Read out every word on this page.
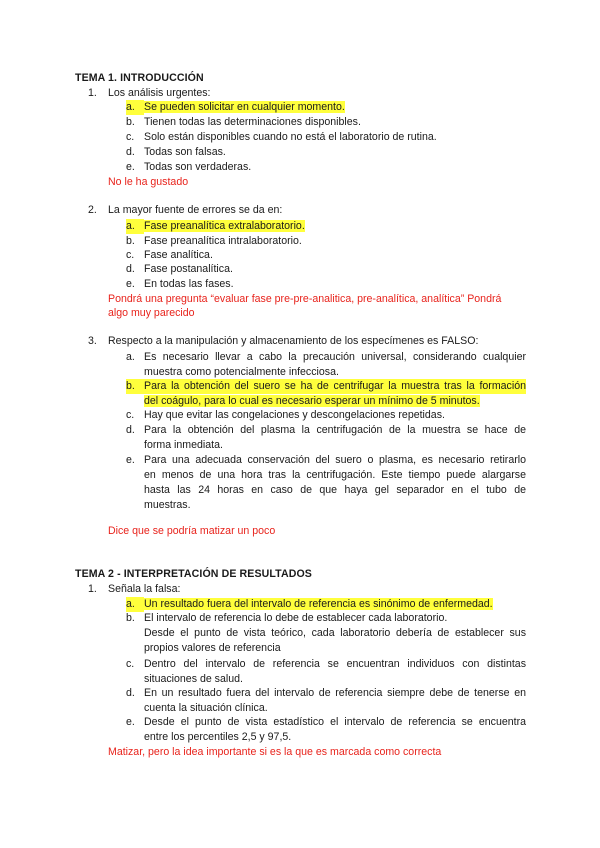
TEMA 1. INTRODUCCIÓN
1.	Los análisis urgentes:
a. Se pueden solicitar en cualquier momento.
b. Tienen todas las determinaciones disponibles.
c. Solo están disponibles cuando no está el laboratorio de rutina.
d. Todas son falsas.
e. Todas son verdaderas.
No le ha gustado
2.	La mayor fuente de errores se da en:
a. Fase preanalítica extralaboratorio.
b. Fase preanalítica intralaboratorio.
c. Fase analítica.
d. Fase postanalítica.
e. En todas las fases.
Pondrá una pregunta “evaluar fase pre-pre-analitica, pre-analítica, analítica” Pondrá
algo muy parecido
3.	Respecto a la manipulación y almacenamiento de los especímenes es FALSO:
a. Es necesario llevar a cabo la precaución universal, considerando cualquier
muestra como potencialmente infecciosa.
b. Para la obtención del suero se ha de centrifugar la muestra tras la formación
del coágulo, para lo cual es necesario esperar un mínimo de 5 minutos.
c. Hay que evitar las congelaciones y descongelaciones repetidas.
d. Para la obtención del plasma la centrifugación de la muestra se hace de
forma inmediata.
e. Para una adecuada conservación del suero o plasma, es necesario retirarlo
en menos de una hora tras la centrifugación. Este tiempo puede alargarse
hasta las 24 horas en caso de que haya gel separador en el tubo de
muestras.
Dice que se podría matizar un poco
TEMA 2 - INTERPRETACIÓN DE RESULTADOS
1.	Señala la falsa:
a. Un resultado fuera del intervalo de referencia es sinónimo de enfermedad.
b. El intervalo de referencia lo debe de establecer cada laboratorio.
Desde el punto de vista teórico, cada laboratorio debería de establecer sus
propios valores de referencia
c. Dentro del intervalo de referencia se encuentran individuos con distintas
situaciones de salud.
d. En un resultado fuera del intervalo de referencia siempre debe de tenerse en
cuenta la situación clínica.
e. Desde el punto de vista estadístico el intervalo de referencia se encuentra
entre los percentiles 2,5 y 97,5.
Matizar, pero la idea importante si es la que es marcada como correcta
